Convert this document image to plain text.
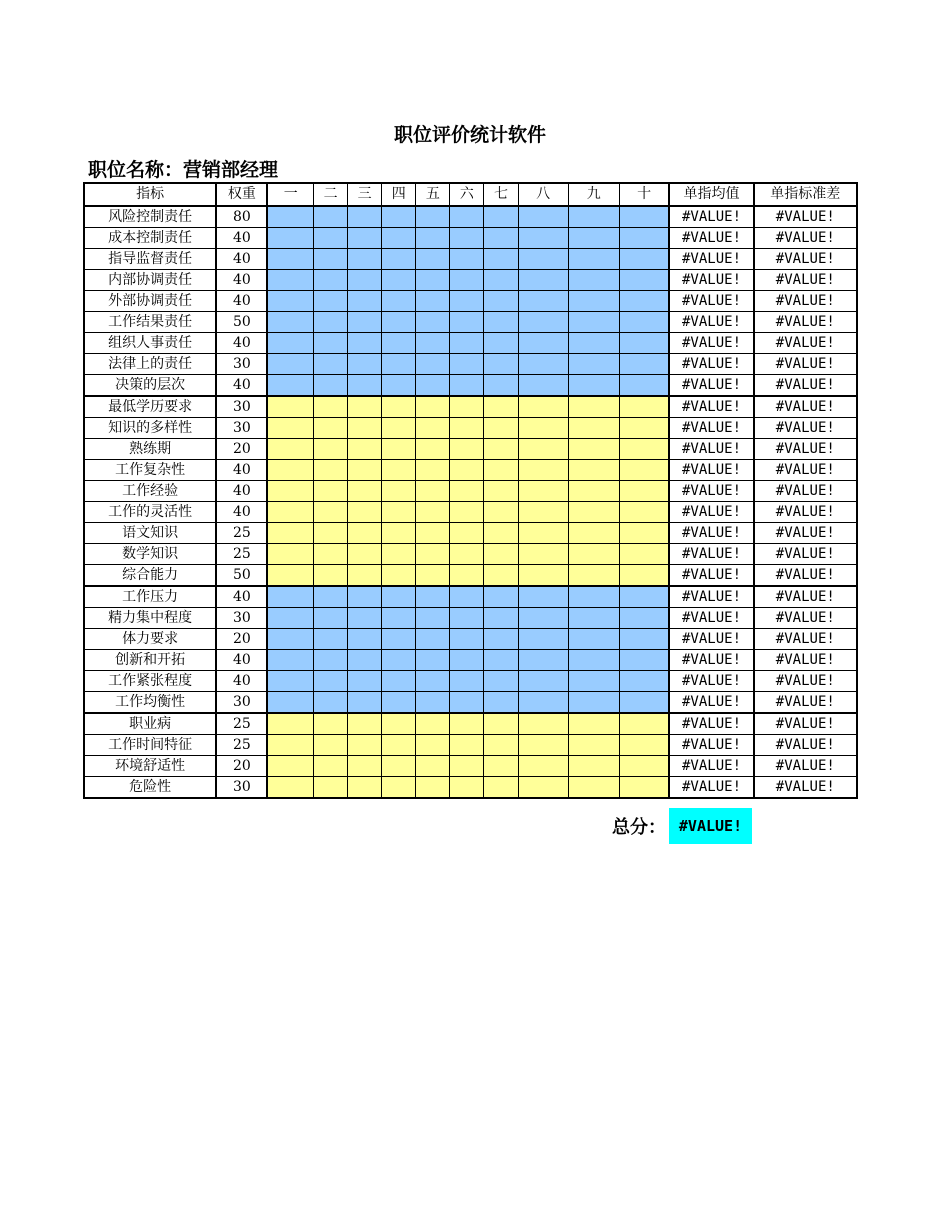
职位评价统计软件
职位名称：营销部经理
指标	权重	一	二	三	四	五	六	七	八	九	十	单指均值	单指标准差
风险控制责任	80											#VALUE!	#VALUE!
成本控制责任	40											#VALUE!	#VALUE!
指导监督责任	40											#VALUE!	#VALUE!
内部协调责任	40											#VALUE!	#VALUE!
外部协调责任	40											#VALUE!	#VALUE!
工作结果责任	50											#VALUE!	#VALUE!
组织人事责任	40											#VALUE!	#VALUE!
法律上的责任	30											#VALUE!	#VALUE!
决策的层次	40											#VALUE!	#VALUE!
最低学历要求	30											#VALUE!	#VALUE!
知识的多样性	30											#VALUE!	#VALUE!
熟练期	20											#VALUE!	#VALUE!
工作复杂性	40											#VALUE!	#VALUE!
工作经验	40											#VALUE!	#VALUE!
工作的灵活性	40											#VALUE!	#VALUE!
语文知识	25											#VALUE!	#VALUE!
数学知识	25											#VALUE!	#VALUE!
综合能力	50											#VALUE!	#VALUE!
工作压力	40											#VALUE!	#VALUE!
精力集中程度	30											#VALUE!	#VALUE!
体力要求	20											#VALUE!	#VALUE!
创新和开拓	40											#VALUE!	#VALUE!
工作紧张程度	40											#VALUE!	#VALUE!
工作均衡性	30											#VALUE!	#VALUE!
职业病	25											#VALUE!	#VALUE!
工作时间特征	25											#VALUE!	#VALUE!
环境舒适性	20											#VALUE!	#VALUE!
危险性	30											#VALUE!	#VALUE!
总分： #VALUE!
